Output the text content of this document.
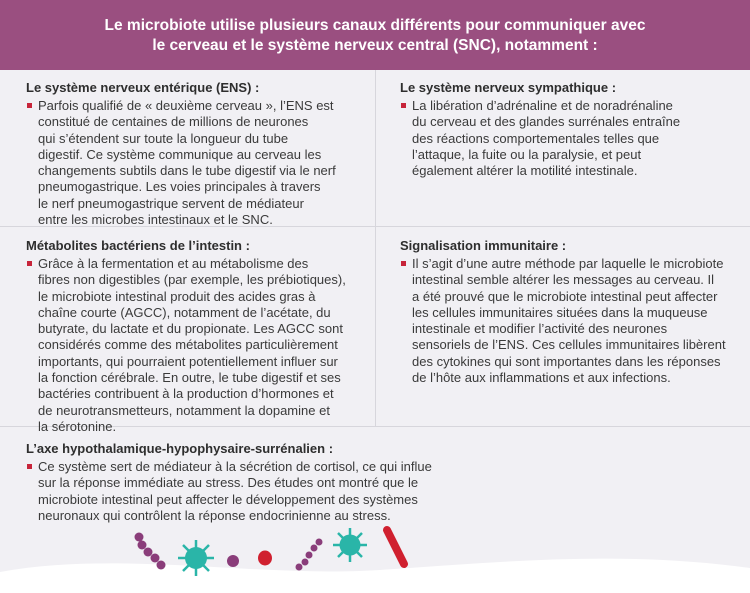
Le microbiote utilise plusieurs canaux différents pour communiquer avec
le cerveau et le système nerveux central (SNC), notamment :
Le système nerveux entérique (ENS) :
Parfois qualifié de « deuxième cerveau », l’ENS est
constitué de centaines de millions de neurones
qui s’étendent sur toute la longueur du tube
digestif. Ce système communique au cerveau les
changements subtils dans le tube digestif via le nerf
pneumogastrique. Les voies principales à travers
le nerf pneumogastrique servent de médiateur
entre les microbes intestinaux et le SNC.
Le système nerveux sympathique :
La libération d’adrénaline et de noradrénaline
du cerveau et des glandes surrénales entraîne
des réactions comportementales telles que
l’attaque, la fuite ou la paralysie, et peut
également altérer la motilité intestinale.
Métabolites bactériens de l’intestin :
Grâce à la fermentation et au métabolisme des
fibres non digestibles (par exemple, les prébiotiques),
le microbiote intestinal produit des acides gras à
chaîne courte (AGCC), notamment de l’acétate, du
butyrate, du lactate et du propionate. Les AGCC sont
considérés comme des métabolites particulièrement
importants, qui pourraient potentiellement influer sur
la fonction cérébrale. En outre, le tube digestif et ses
bactéries contribuent à la production d’hormones et
de neurotransmetteurs, notamment la dopamine et
la sérotonine.
Signalisation immunitaire :
Il s’agit d’une autre méthode par laquelle le microbiote
intestinal semble altérer les messages au cerveau. Il
a été prouvé que le microbiote intestinal peut affecter
les cellules immunitaires situées dans la muqueuse
intestinale et modifier l’activité des neurones
sensoriels de l’ENS. Ces cellules immunitaires libèrent
des cytokines qui sont importantes dans les réponses
de l’hôte aux inflammations et aux infections.
L’axe hypothalamique-hypophysaire-surrénalien :
Ce système sert de médiateur à la sécrétion de cortisol, ce qui influe
sur la réponse immédiate au stress. Des études ont montré que le
microbiote intestinal peut affecter le développement des systèmes
neuronaux qui contrôlent la réponse endocrinienne au stress.
